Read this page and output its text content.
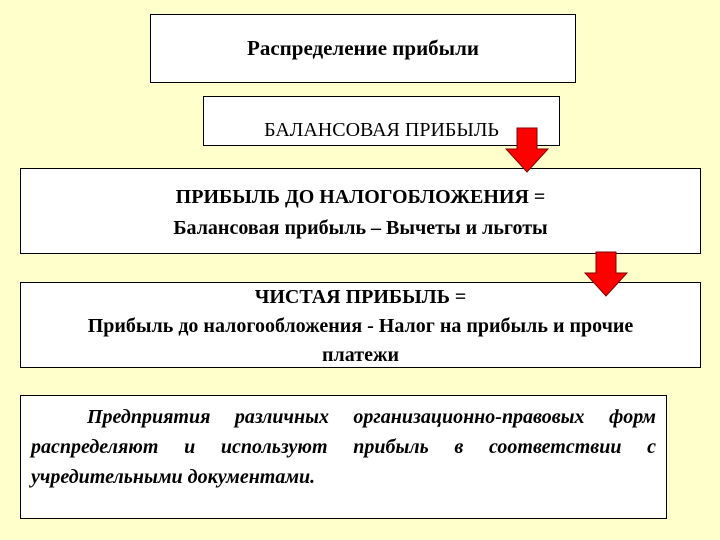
Распределение прибыли
БАЛАНСОВАЯ ПРИБЫЛЬ
ПРИБЫЛЬ ДО НАЛОГОБЛОЖЕНИЯ =
Балансовая прибыль – Вычеты и льготы
ЧИСТАЯ ПРИБЫЛЬ =
Прибыль до налогообложения - Налог на прибыль и прочие
платежи
Предприятия различных организационно-правовых форм распределяют и используют прибыль в соответствии с учредительными документами.
